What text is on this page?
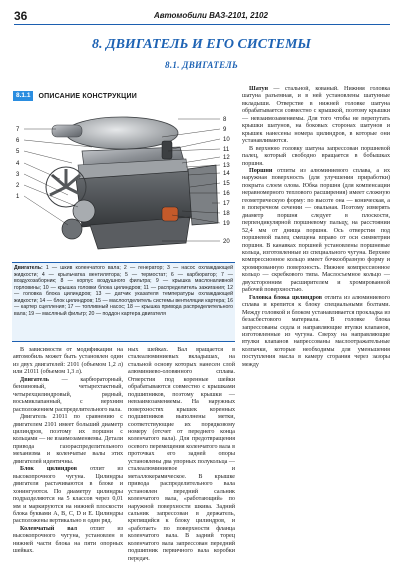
36	Автомобили ВАЗ-2101, 2102
8. ДВИГАТЕЛЬ И ЕГО СИСТЕМЫ
8.1. ДВИГАТЕЛЬ
8.1.1	ОПИСАНИЕ КОНСТРУКЦИИ
7
6
5
4
3
2
1
8
9
10
11
12
13
14
15
16
17
18
19
20
Двигатель: 1 — шкив коленчатого вала; 2 — генератор; 3 — насос охлаждающей жидкости; 4 — крыльчатка вентилятора; 5 — термостат; 6 — карбюратор; 7 — воздухозаборник; 8 — корпус воздушного фильтра; 9 — крышка маслоналивной горловины; 10 — крышка головки блока цилиндров; 11 — распределитель зажигания; 12 — головка блока цилиндров; 13 — датчик указателя температуры охлаждающей жидкости; 14 — блок цилиндров; 15 — маслоотделитель системы вентиляции картера; 16 — картер сцепления; 17 — топливный насос; 18 — крышка привода распределительного вала; 19 — масляный фильтр; 20 — поддон картера двигателя

В зависимости от модификации на автомобиль может быть установлен один из двух двигателей: 2101 (объемом 1,2 л) или 21011 (объемом 1,3 л).

Двигатель — карбюраторный, бензиновый, четырехтактный, четырехцилиндровый, рядный, восьмиклапанный, с верхним расположением распределительного вала.

Двигатель 21011 по сравнению с двигателем 2101 имеет больший диаметр цилиндров, поэтому их поршни с кольцами — не взаимозаменяемы. Детали привода газораспределительного механизма и коленчатые валы этих двигателей идентичны.

Блок цилиндров отлит из высокопрочного чугуна. Цилиндры двигателя растачиваются в блоке и хонингуются. По диаметру цилиндры подразделяются на 5 классов через 0,01 мм и маркируются на нижней плоскости блока буквами А, B, C, D и E. Цилиндры расположены вертикально в один ряд.

Коленчатый вал отлит из высокопрочного чугуна, установлен в нижней части блока на пяти опорных шейках.

ных шейках. Вал вращается в сталеалюминиевых вкладышах, на стальной основу которых нанесен слой алюминиево-оловянного сплава. Отверстия под коренные шейки обрабатываются совместно с крышками подшипников, поэтому крышки — невзаимозаменяемы. На наружных поверхностях крышек коренных подшипников выполнены метки, соответствующие их порядковому номеру (отсчет от переднего конца коленчатого вала). Для предотвращения осевого перемещения коленчатого вала в проточках его задней опоры установлены два упорных полукольца — сталеалюминиевое и металлокерамическое. В крышке привода распределительного вала установлен передний сальник коленчатого вала, «работающий» по наружной поверхности шкива. Задний сальник запрессован в держатель, крепящийся к блоку цилиндров, и «работает» по поверхности фланца коленчатого вала. В задний торец коленчатого вала запрессован передний подшипник первичного вала коробки передач.

Шатун — стальной, кованый. Нижняя головка шатуна разъемная, и в ней установлены шатунные вкладыши. Отверстие в нижней головке шатуна обрабатывается совместно с крышкой, поэтому крышки — невзаимозаменяемы. Для того чтобы не перепутать крышки шатунов, на боковых сторонах шатунов и крышек нанесены номера цилиндров, в которые они устанавливаются.

В верхнюю головку шатуна запрессован поршневой палец, который свободно вращается в бобышках поршня.

Поршни отлиты из алюминиевого сплава, а их наружная поверхность (для улучшения приработки) покрыта слоем олова. Юбка поршня (для компенсации неравномерного теплового расширения) имеет сложную геометрическую форму: по высоте она — коническая, а в поперечном сечении — овальная. Поэтому измерять диаметр поршня следует в плоскости, перпендикулярной поршневому пальцу, на расстоянии 52,4 мм от днища поршня. Ось отверстия под поршневой палец смещена вправо от оси симметрии поршня. В канавках поршней установлены поршневые кольца, изготовленные из специального чугуна. Верхнее компрессионное кольцо имеет бочкообразную форму и хромированную поверхность. Нижнее компрессионное кольцо — скребкового типа. Маслосъемное кольцо — двухсторонним расширителем и хромированной рабочей поверхностью.

Головка блока цилиндров отлита из алюминиевого сплава и крепится к блоку специальными болтами. Между головкой и блоком устанавливается прокладка из безасбестового материала. В головке блока запрессованы седла и направляющие втулки клапанов, изготовленные из чугуна. Сверху на направляющие втулки клапанов напрессованы маслоотражательные колпачки, которые необходимы для уменьшения поступления масла в камеру сгорания через зазоры между
